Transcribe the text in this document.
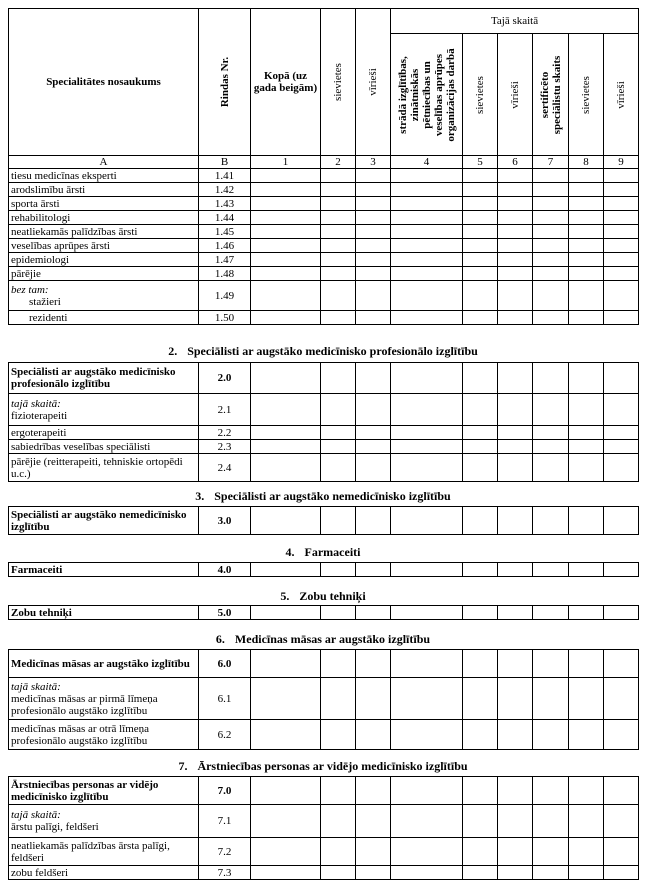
Specialitātes nosaukums	Rindas Nr.	Kopā (uz gada beigām)	sievietes	vīrieši	Tajā skaitā					

					strādā izglītības, zinātniskās pētniecības un veselības aprūpes organizācijas darbā	sievietes	vīrieši	sertificēto speciālistu skaits	sievietes	vīrieši

A	B	1	2	3	4	5	6	7	8	9

tiesu medicīnas eksperti	1.41									

arodslimību ārsti	1.42									

sporta ārsti	1.43									

rehabilitologi	1.44									

neatliekamās palīdzības ārsti	1.45									

veselības aprūpes ārsti	1.46									

epidemiologi	1.47									

pārējie	1.48									

bez tam:
stažieri	1.49									

rezidenti	1.50									
2. Speciālisti ar augstāko medicīnisko profesionālo izglītību
Speciālisti ar augstāko medicīnisko profesionālo izglītību	2.0									

tajā skaitā:
fizioterapeiti	2.1									

ergoterapeiti	2.2									

sabiedrības veselības speciālisti	2.3									

pārējie (reitterapeiti, tehniskie ortopēdi u.c.)	2.4									
3. Speciālisti ar augstāko nemedicīnisko izglītību
Speciālisti ar augstāko nemedicīnisko izglītību	3.0									
4. Farmaceiti
Farmaceiti	4.0									
5. Zobu tehniķi
Zobu tehniķi	5.0									
6. Medicīnas māsas ar augstāko izglītību
Medicīnas māsas ar augstāko izglītību	6.0									

tajā skaitā:
medicīnas māsas ar pirmā līmeņa profesionālo augstāko izglītību	6.1									

medicīnas māsas ar otrā līmeņa profesionālo augstāko izglītību	6.2									
7. Ārstniecības personas ar vidējo medicīnisko izglītību
Ārstniecības personas ar vidējo medicīnisko izglītību	7.0									

tajā skaitā:
ārstu palīgi, feldšeri	7.1									

neatliekamās palīdzības ārsta palīgi, feldšeri	7.2									

zobu feldšeri	7.3									
